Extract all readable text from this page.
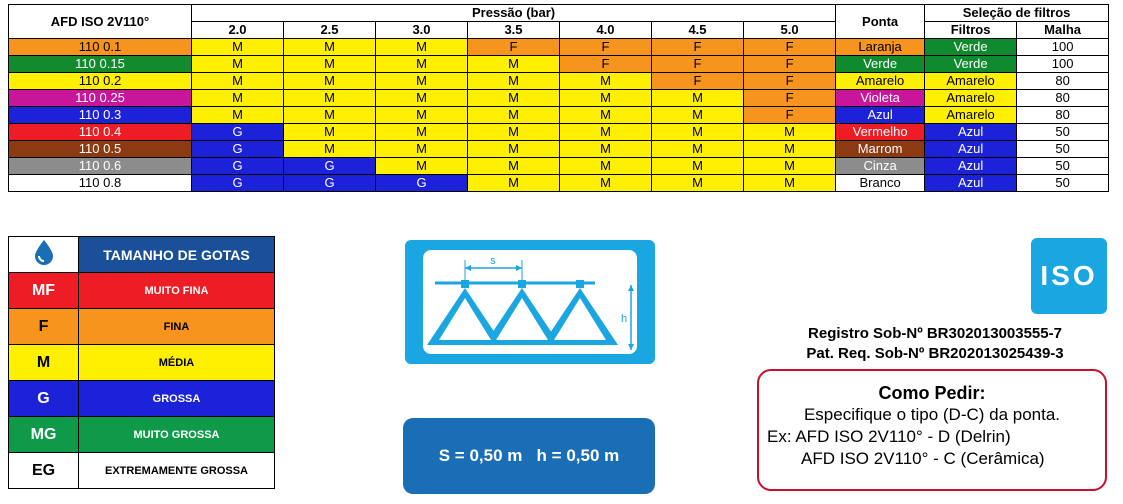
AFD ISO 2V110°	Pressão (bar)							Ponta	Seleção de filtros	
	2.0	2.5	3.0	3.5	4.0	4.5	5.0		Filtros	Malha
110 0.1	M	M	M	F	F	F	F	Laranja	Verde	100
110 0.15	M	M	M	M	F	F	F	Verde	Verde	100
110 0.2	M	M	M	M	M	F	F	Amarelo	Amarelo	80
110 0.25	M	M	M	M	M	M	F	Violeta	Amarelo	80
110 0.3	M	M	M	M	M	M	F	Azul	Amarelo	80
110 0.4	G	M	M	M	M	M	M	Vermelho	Azul	50
110 0.5	G	M	M	M	M	M	M	Marrom	Azul	50
110 0.6	G	G	M	M	M	M	M	Cinza	Azul	50
110 0.8	G	G	G	M	M	M	M	Branco	Azul	50
	TAMANHO DE GOTAS
MF	MUITO FINA
F	FINA
M	MÉDIA
G	GROSSA
MG	MUITO GROSSA
EG	EXTREMAMENTE GROSSA
s
h
S = 0,50 m   h = 0,50 m
ISO
Registro Sob-Nº BR302013003555-7
Pat. Req. Sob-Nº BR202013025439-3
Como Pedir:
Especifique o tipo (D-C) da ponta.
Ex: AFD ISO 2V110° - D (Delrin)
AFD ISO 2V110° - C (Cerâmica)
